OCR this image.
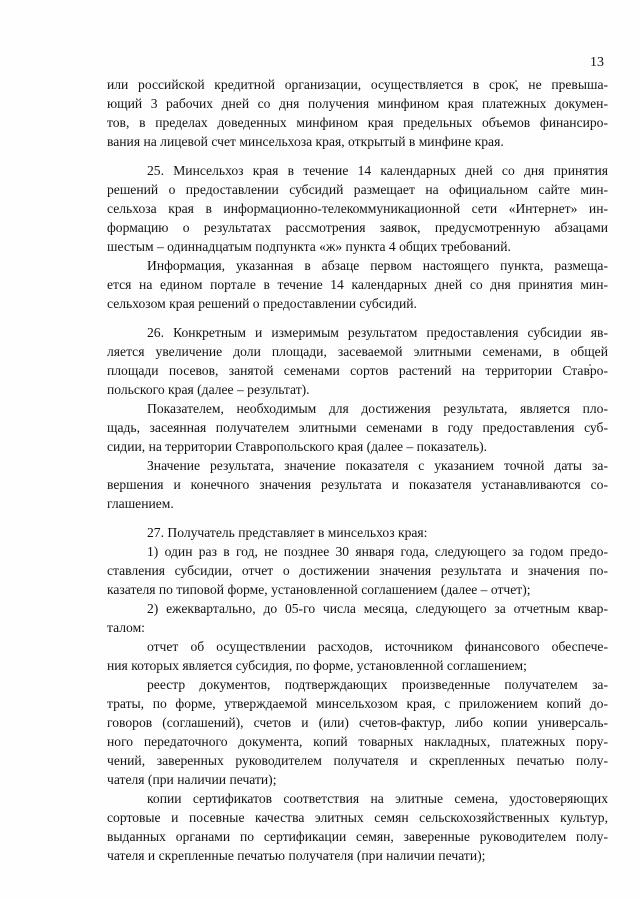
13
или российской кредитной организации, осуществляется в срок, не превыша-
ющий 3 рабочих дней со дня получения минфином края платежных докумен-
тов, в пределах доведенных минфином края предельных объемов финансиро-
вания на лицевой счет минсельхоза края, открытый в минфине края.
25. Минсельхоз края в течение 14 календарных дней со дня принятия
решений о предоставлении субсидий размещает на официальном сайте мин-
сельхоза края в информационно-телекоммуникационной сети «Интернет» ин-
формацию о результатах рассмотрения заявок, предусмотренную абзацами
шестым – одиннадцатым подпункта «ж» пункта 4 общих требований.
Информация, указанная в абзаце первом настоящего пункта, размеща-
ется на едином портале в течение 14 календарных дней со дня принятия мин-
сельхозом края решений о предоставлении субсидий.
26. Конкретным и измеримым результатом предоставления субсидии яв-
ляется увеличение доли площади, засеваемой элитными семенами, в общей
площади посевов, занятой семенами сортов растений на территории Ставро-
польского края (далее – результат).
Показателем, необходимым для достижения результата, является пло-
щадь, засеянная получателем элитными семенами в году предоставления суб-
сидии, на территории Ставропольского края (далее – показатель).
Значение результата, значение показателя с указанием точной даты за-
вершения и конечного значения результата и показателя устанавливаются со-
глашением.
27. Получатель представляет в минсельхоз края:
1) один раз в год, не позднее 30 января года, следующего за годом предо-
ставления субсидии, отчет о достижении значения результата и значения по-
казателя по типовой форме, установленной соглашением (далее – отчет);
2) ежеквартально, до 05-го числа месяца, следующего за отчетным квар-
талом:
отчет об осуществлении расходов, источником финансового обеспече-
ния которых является субсидия, по форме, установленной соглашением;
реестр документов, подтверждающих произведенные получателем за-
траты, по форме, утверждаемой минсельхозом края, с приложением копий до-
говоров (соглашений), счетов и (или) счетов-фактур, либо копии универсаль-
ного передаточного документа, копий товарных накладных, платежных пору-
чений, заверенных руководителем получателя и скрепленных печатью полу-
чателя (при наличии печати);
копии сертификатов соответствия на элитные семена, удостоверяющих
сортовые и посевные качества элитных семян сельскохозяйственных культур,
выданных органами по сертификации семян, заверенные руководителем полу-
чателя и скрепленные печатью получателя (при наличии печати);
